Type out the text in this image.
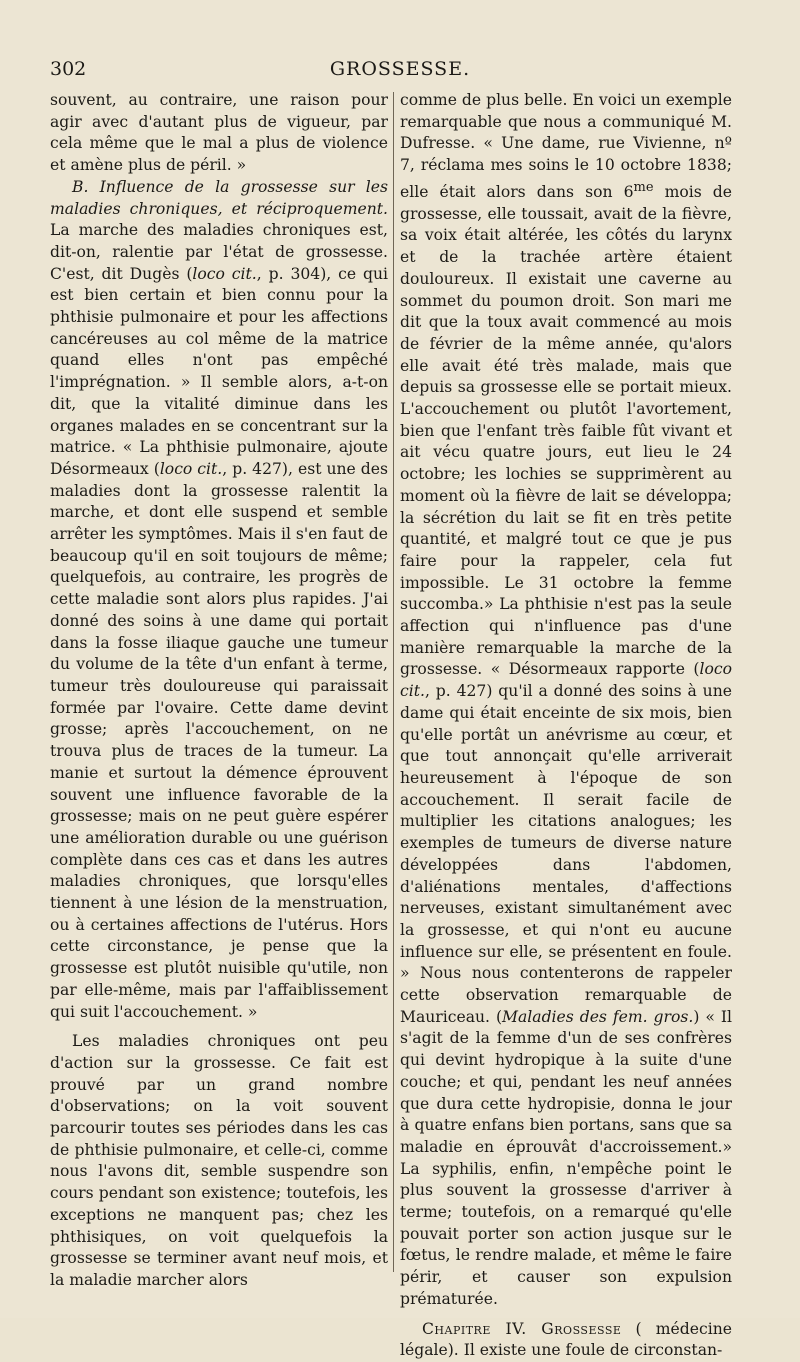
302	GROSSESSE.

souvent, au contraire, une raison pour agir avec d'autant plus de vigueur, par cela même que le mal a plus de violence et amène plus de péril. »

B. Influence de la grossesse sur les maladies chroniques, et réciproquement. La marche des maladies chroniques est, dit-on, ralentie par l'état de grossesse. C'est, dit Dugès (loco cit., p. 304), ce qui est bien certain et bien connu pour la phthisie pulmonaire et pour les affections cancéreuses au col même de la matrice quand elles n'ont pas empêché l'imprégnation. » Il semble alors, a-t-on dit, que la vitalité diminue dans les organes malades en se concentrant sur la matrice. « La phthisie pulmonaire, ajoute Désormeaux (loco cit., p. 427), est une des maladies dont la grossesse ralentit la marche, et dont elle suspend et semble arrêter les symptômes. Mais il s'en faut de beaucoup qu'il en soit toujours de même; quelquefois, au contraire, les progrès de cette maladie sont alors plus rapides. J'ai donné des soins à une dame qui portait dans la fosse iliaque gauche une tumeur du volume de la tête d'un enfant à terme, tumeur très douloureuse qui paraissait formée par l'ovaire. Cette dame devint grosse; après l'accouchement, on ne trouva plus de traces de la tumeur. La manie et surtout la démence éprouvent souvent une influence favorable de la grossesse; mais on ne peut guère espérer une amélioration durable ou une guérison complète dans ces cas et dans les autres maladies chroniques, que lorsqu'elles tiennent à une lésion de la menstruation, ou à certaines affections de l'utérus. Hors cette circonstance, je pense que la grossesse est plutôt nuisible qu'utile, non par elle-même, mais par l'affaiblissement qui suit l'accouchement. »

Les maladies chroniques ont peu d'action sur la grossesse. Ce fait est prouvé par un grand nombre d'observations; on la voit souvent parcourir toutes ses périodes dans les cas de phthisie pulmonaire, et celle-ci, comme nous l'avons dit, semble suspendre son cours pendant son existence; toutefois, les exceptions ne manquent pas; chez les phthisiques, on voit quelquefois la grossesse se terminer avant neuf mois, et la maladie marcher alors

comme de plus belle. En voici un exemple remarquable que nous a communiqué M. Dufresse. « Une dame, rue Vivienne, nº 7, réclama mes soins le 10 octobre 1838; elle était alors dans son $6^{me}$ mois de grossesse, elle toussait, avait de la fièvre, sa voix était altérée, les côtés du larynx et de la trachée artère étaient douloureux. Il existait une caverne au sommet du poumon droit. Son mari me dit que la toux avait commencé au mois de février de la même année, qu'alors elle avait été très malade, mais que depuis sa grossesse elle se portait mieux. L'accouchement ou plutôt l'avortement, bien que l'enfant très faible fût vivant et ait vécu quatre jours, eut lieu le 24 octobre; les lochies se supprimèrent au moment où la fièvre de lait se développa; la sécrétion du lait se fit en très petite quantité, et malgré tout ce que je pus faire pour la rappeler, cela fut impossible. Le 31 octobre la femme succomba.» La phthisie n'est pas la seule affection qui n'influence pas d'une manière remarquable la marche de la grossesse. « Désormeaux rapporte (loco cit., p. 427) qu'il a donné des soins à une dame qui était enceinte de six mois, bien qu'elle portât un anévrisme au cœur, et que tout annonçait qu'elle arriverait heureusement à l'époque de son accouchement. Il serait facile de multiplier les citations analogues; les exemples de tumeurs de diverse nature développées dans l'abdomen, d'aliénations mentales, d'affections nerveuses, existant simultanément avec la grossesse, et qui n'ont eu aucune influence sur elle, se présentent en foule. » Nous nous contenterons de rappeler cette observation remarquable de Mauriceau. (Maladies des fem. gros.) « Il s'agit de la femme d'un de ses confrères qui devint hydropique à la suite d'une couche; et qui, pendant les neuf années que dura cette hydropisie, donna le jour à quatre enfans bien portans, sans que sa maladie en éprouvât d'accroissement.» La syphilis, enfin, n'empêche point le plus souvent la grossesse d'arriver à terme; toutefois, on a remarqué qu'elle pouvait porter son action jusque sur le fœtus, le rendre malade, et même le faire périr, et causer son expulsion prématurée.

Chapitre IV. Grossesse ( médecine légale). Il existe une foule de circonstan-
